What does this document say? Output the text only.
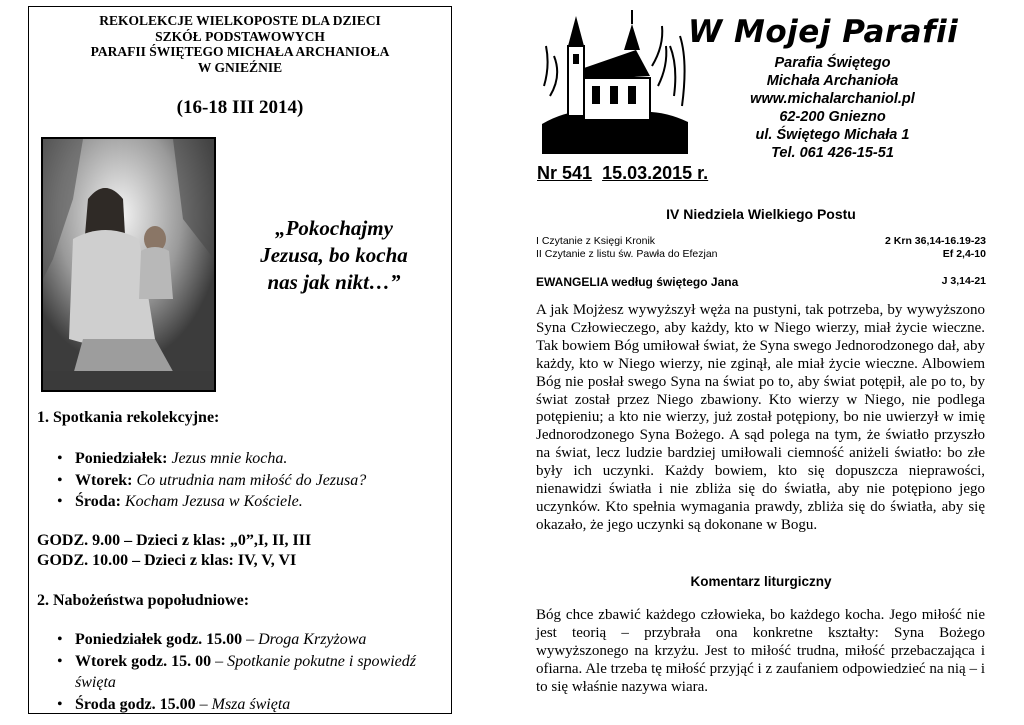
REKOLEKCJE WIELKOPOSTE DLA DZIECI
SZKÓŁ PODSTAWOWYCH
PARAFII ŚWIĘTEGO MICHAŁA ARCHANIOŁA
W GNIEŹNIE
(16-18 III 2014)
„Pokochajmy
Jezusa, bo kocha
nas jak nikt…”
1. Spotkania rekolekcyjne:
• Poniedziałek: Jezus mnie kocha.
• Wtorek: Co utrudnia nam miłość do Jezusa?
• Środa: Kocham Jezusa w Kościele.
GODZ. 9.00 – Dzieci z klas: „0”,I, II, III
GODZ. 10.00 – Dzieci z klas: IV, V, VI
2. Nabożeństwa popołudniowe:
• Poniedziałek godz. 15.00 – Droga Krzyżowa
• Wtorek godz. 15. 00 – Spotkanie pokutne i spowiedź
święta
• Środa godz. 15.00 – Msza święta
W Mojej Parafii
Parafia Świętego
Michała Archanioła
www.michalarchaniol.pl
62-200 Gniezno
ul. Świętego Michała 1
Tel. 061 426-15-51
Nr 541 15.03.2015 r.
IV Niedziela Wielkiego Postu
I Czytanie z Księgi Kronik	2 Krn 36,14-16.19-23
II Czytanie z listu św. Pawła do Efezjan	Ef 2,4-10
EWANGELIA według świętego Jana	J 3,14-21
A jak Mojżesz wywyższył węża na pustyni, tak potrzeba, by wywyższono Syna Człowieczego, aby każdy, kto w Niego wierzy, miał życie wieczne. Tak bowiem Bóg umiłował świat, że Syna swego Jednorodzonego dał, aby każdy, kto w Niego wierzy, nie zginął, ale miał życie wieczne. Albowiem Bóg nie posłał swego Syna na świat po to, aby świat potępił, ale po to, by świat został przez Niego zbawiony. Kto wierzy w Niego, nie podlega potępieniu; a kto nie wierzy, już został potępiony, bo nie uwierzył w imię Jednorodzonego Syna Bożego. A sąd polega na tym, że światło przyszło na świat, lecz ludzie bardziej umiłowali ciemność aniżeli światło: bo złe były ich uczynki. Każdy bowiem, kto się dopuszcza nieprawości, nienawidzi światła i nie zbliża się do światła, aby nie potępiono jego uczynków. Kto spełnia wymagania prawdy, zbliża się do światła, aby się okazało, że jego uczynki są dokonane w Bogu.
Komentarz liturgiczny
Bóg chce zbawić każdego człowieka, bo każdego kocha. Jego miłość nie jest teorią – przybrała ona konkretne kształty: Syna Bożego wywyższonego na krzyżu. Jest to miłość trudna, miłość przebaczająca i ofiarna. Ale trzeba tę miłość przyjąć i z zaufaniem odpowiedzieć na nią – i to się właśnie nazywa wiara.
